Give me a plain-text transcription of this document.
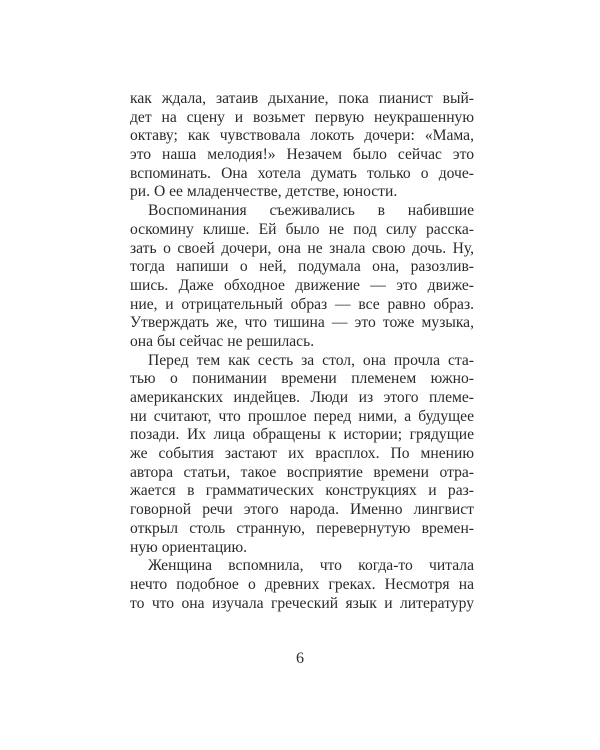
как ждала, затаив дыхание, пока пианист вый-
дет на сцену и возьмет первую неукрашенную
октаву; как чувствовала локоть дочери: «Мама,
это наша мелодия!» Незачем было сейчас это
вспоминать. Она хотела думать только о доче-
ри. О ее младенчестве, детстве, юности.
Воспоминания съеживались в набившие
оскомину клише. Ей было не под силу расска-
зать о своей дочери, она не знала свою дочь. Ну,
тогда напиши о ней, подумала она, разозлив-
шись. Даже обходное движение — это движе-
ние, и отрицательный образ — все равно образ.
Утверждать же, что тишина — это тоже музыка,
она бы сейчас не решилась.
Перед тем как сесть за стол, она прочла ста-
тью о понимании времени племенем южно-
американских индейцев. Люди из этого племе-
ни считают, что прошлое перед ними, а будущее
позади. Их лица обращены к истории; грядущие
же события застают их врасплох. По мнению
автора статьи, такое восприятие времени отра-
жается в грамматических конструкциях и раз-
говорной речи этого народа. Именно лингвист
открыл столь странную, перевернутую времен-
ную ориентацию.
Женщина вспомнила, что когда-то читала
нечто подобное о древних греках. Несмотря на
то что она изучала греческий язык и литературу
6
